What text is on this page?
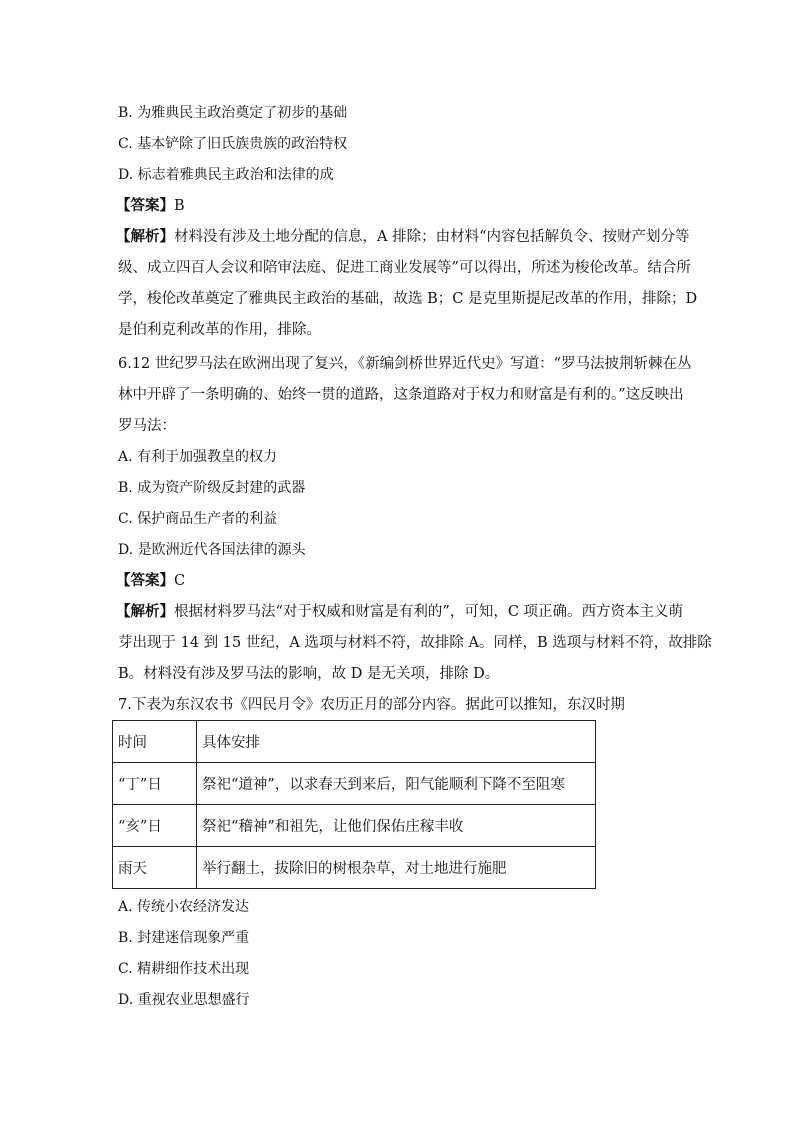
B. 为雅典民主政治奠定了初步的基础
C. 基本铲除了旧氏族贵族的政治特权
D. 标志着雅典民主政治和法律的成
【答案】B
【解析】材料没有涉及土地分配的信息，A 排除；由材料“内容包括解负令、按财产划分等
级、成立四百人会议和陪审法庭、促进工商业发展等”可以得出，所述为梭伦改革。结合所
学，梭伦改革奠定了雅典民主政治的基础，故选 B；C 是克里斯提尼改革的作用，排除；D
是伯利克利改革的作用，排除。
6.12 世纪罗马法在欧洲出现了复兴，《新编剑桥世界近代史》写道：“罗马法披荆斩棘在丛
林中开辟了一条明确的、始终一贯的道路，这条道路对于权力和财富是有利的。”这反映出
罗马法：
A. 有利于加强教皇的权力
B. 成为资产阶级反封建的武器
C. 保护商品生产者的利益
D. 是欧洲近代各国法律的源头
【答案】C
【解析】根据材料罗马法“对于权威和财富是有利的”，可知，C 项正确。西方资本主义萌
芽出现于 14 到 15 世纪，A 选项与材料不符，故排除 A。同样，B 选项与材料不符，故排除
B。材料没有涉及罗马法的影响，故 D 是无关项，排除 D。
7.下表为东汉农书《四民月令》农历正月的部分内容。据此可以推知，东汉时期
时间	具体安排
“丁”日	祭祀“道神”，以求春天到来后，阳气能顺利下降不至阻寒
“亥”日	祭祀“稽神”和祖先，让他们保佑庄稼丰收
雨天	举行翻土，拔除旧的树根杂草，对土地进行施肥
A. 传统小农经济发达
B. 封建迷信现象严重
C. 精耕细作技术出现
D. 重视农业思想盛行
